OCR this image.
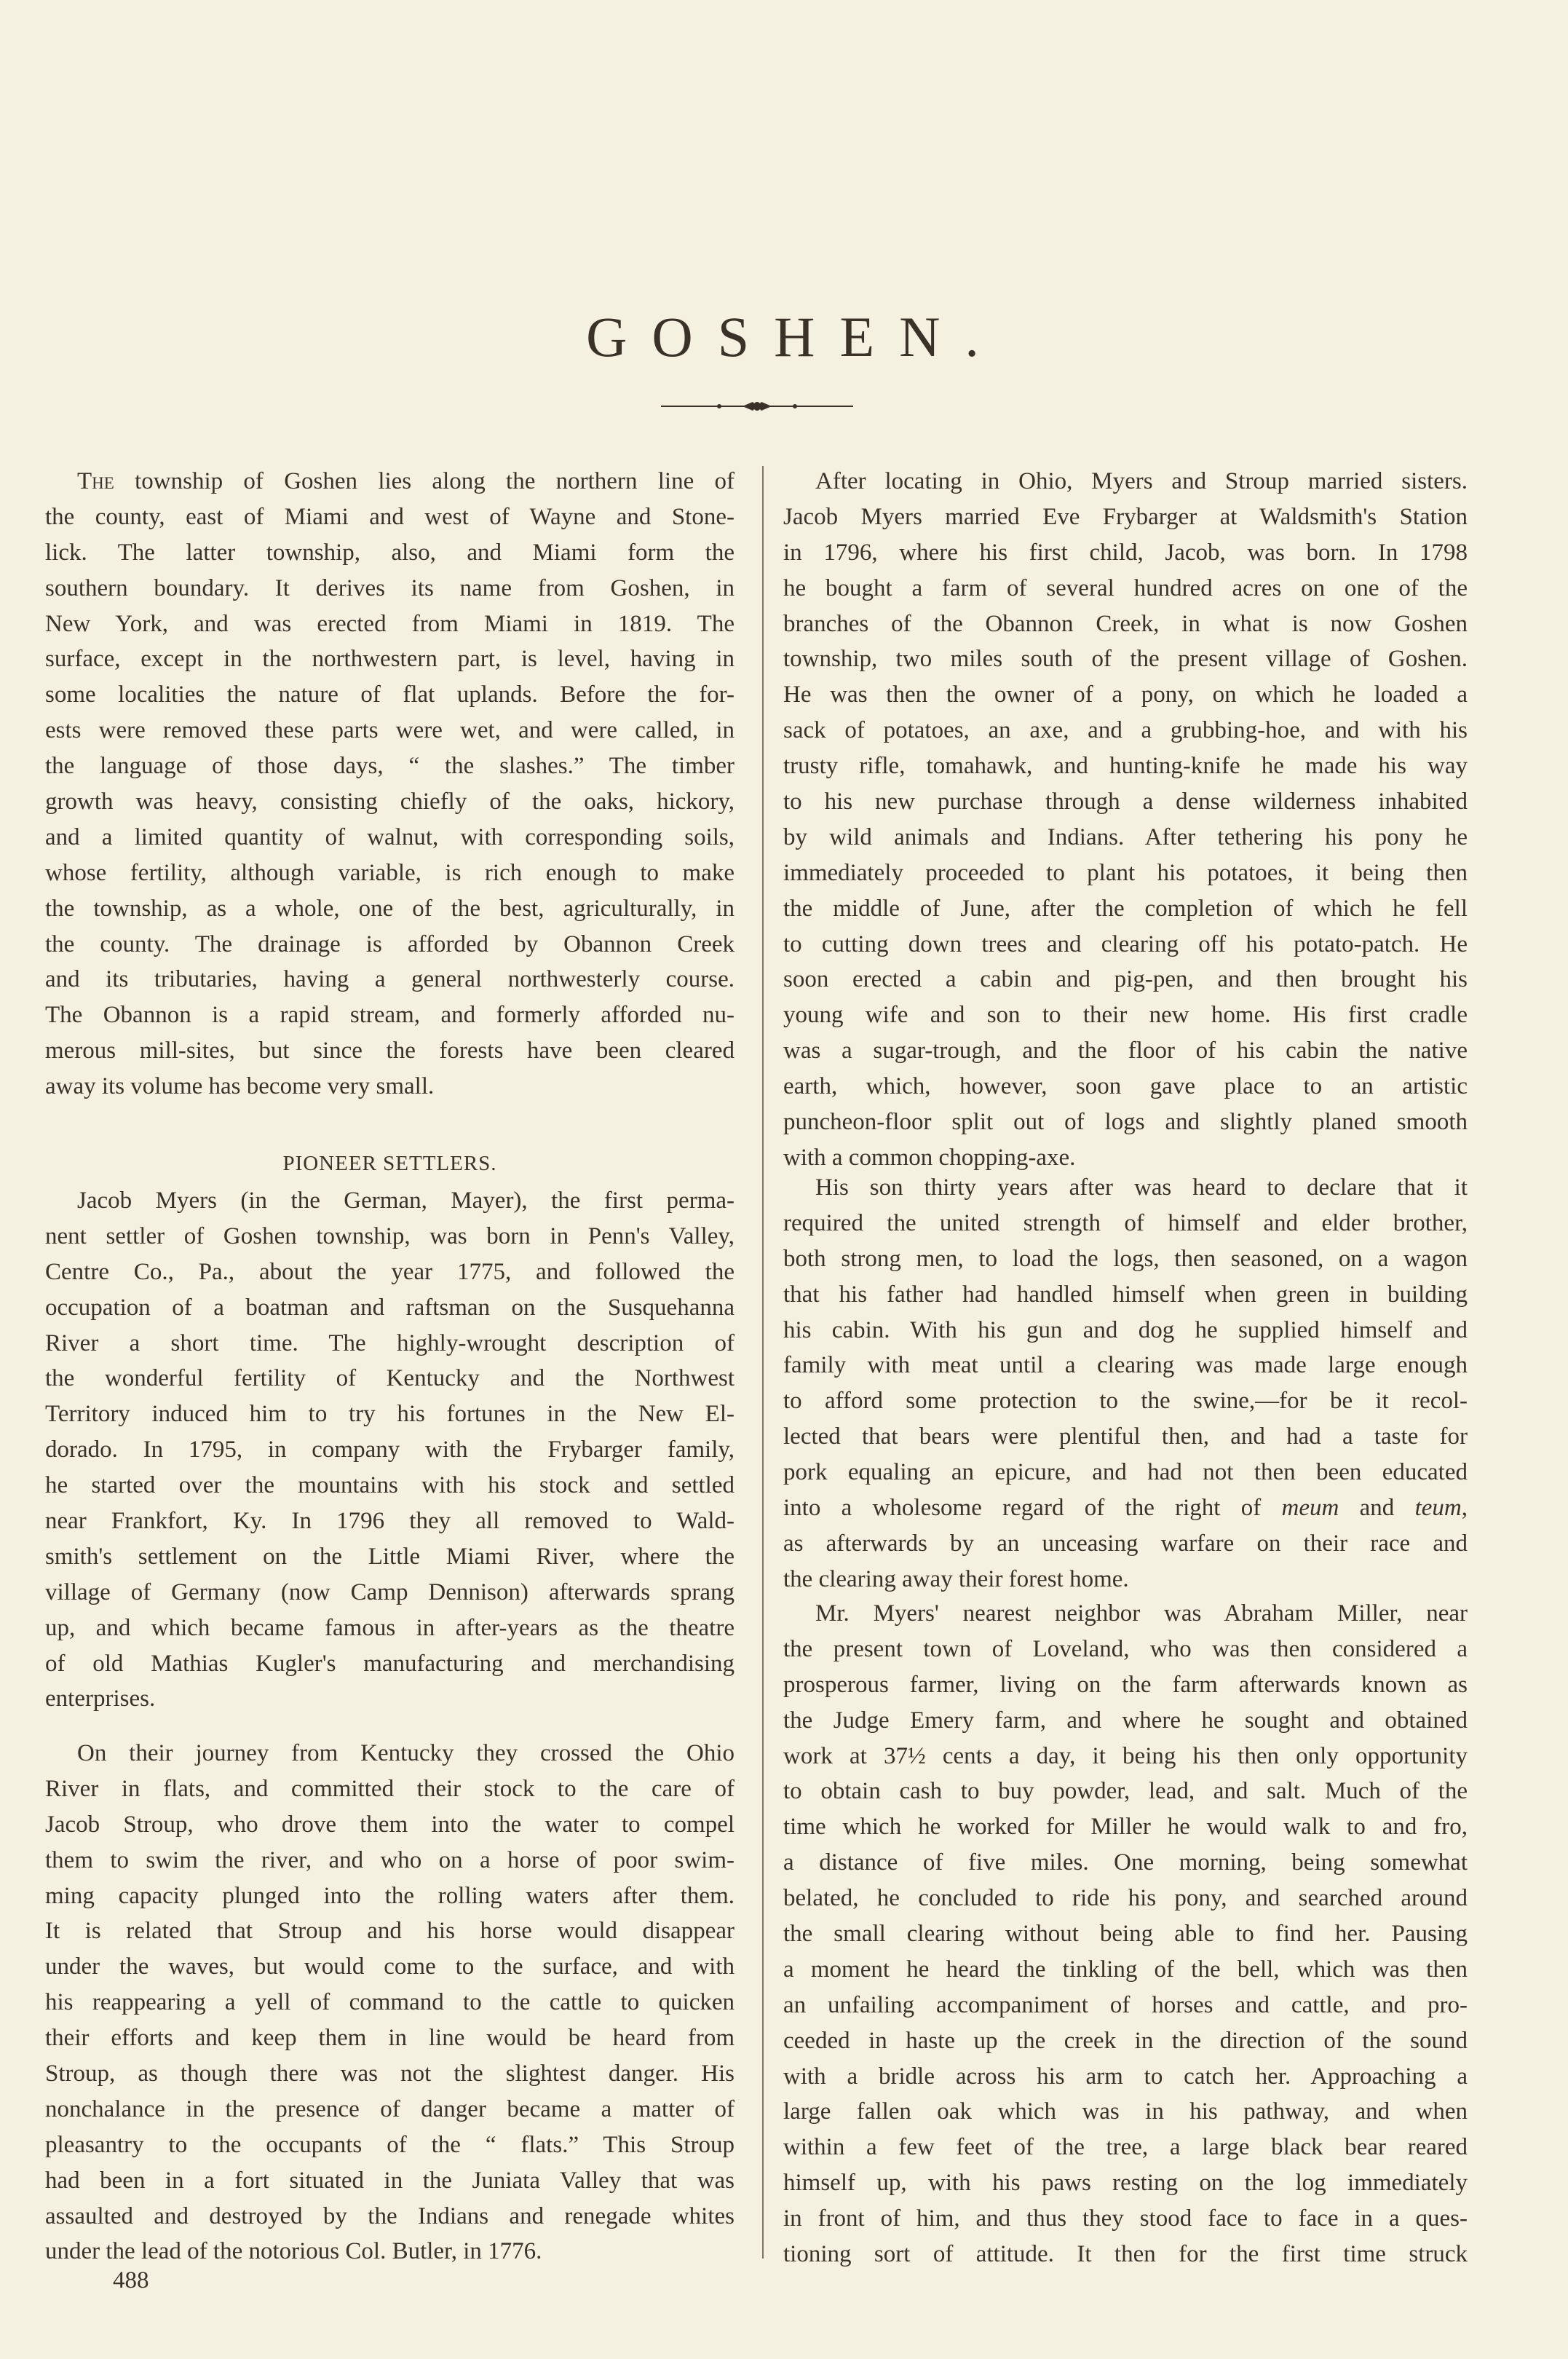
GOSHEN.
The township of Goshen lies along the northern line of
the county, east of Miami and west of Wayne and Stone-
lick. The latter township, also, and Miami form the
southern boundary. It derives its name from Goshen, in
New York, and was erected from Miami in 1819. The
surface, except in the northwestern part, is level, having in
some localities the nature of flat uplands. Before the for-
ests were removed these parts were wet, and were called, in
the language of those days, “ the slashes.” The timber
growth was heavy, consisting chiefly of the oaks, hickory,
and a limited quantity of walnut, with corresponding soils,
whose fertility, although variable, is rich enough to make
the township, as a whole, one of the best, agriculturally, in
the county. The drainage is afforded by Obannon Creek
and its tributaries, having a general northwesterly course.
The Obannon is a rapid stream, and formerly afforded nu-
merous mill-sites, but since the forests have been cleared
away its volume has become very small.
PIONEER SETTLERS.
Jacob Myers (in the German, Mayer), the first perma-
nent settler of Goshen township, was born in Penn's Valley,
Centre Co., Pa., about the year 1775, and followed the
occupation of a boatman and raftsman on the Susquehanna
River a short time. The highly-wrought description of
the wonderful fertility of Kentucky and the Northwest
Territory induced him to try his fortunes in the New El-
dorado. In 1795, in company with the Frybarger family,
he started over the mountains with his stock and settled
near Frankfort, Ky. In 1796 they all removed to Wald-
smith's settlement on the Little Miami River, where the
village of Germany (now Camp Dennison) afterwards sprang
up, and which became famous in after-years as the theatre
of old Mathias Kugler's manufacturing and merchandising
enterprises.
On their journey from Kentucky they crossed the Ohio
River in flats, and committed their stock to the care of
Jacob Stroup, who drove them into the water to compel
them to swim the river, and who on a horse of poor swim-
ming capacity plunged into the rolling waters after them.
It is related that Stroup and his horse would disappear
under the waves, but would come to the surface, and with
his reappearing a yell of command to the cattle to quicken
their efforts and keep them in line would be heard from
Stroup, as though there was not the slightest danger. His
nonchalance in the presence of danger became a matter of
pleasantry to the occupants of the “ flats.” This Stroup
had been in a fort situated in the Juniata Valley that was
assaulted and destroyed by the Indians and renegade whites
under the lead of the notorious Col. Butler, in 1776.
After locating in Ohio, Myers and Stroup married sisters.
Jacob Myers married Eve Frybarger at Waldsmith's Station
in 1796, where his first child, Jacob, was born. In 1798
he bought a farm of several hundred acres on one of the
branches of the Obannon Creek, in what is now Goshen
township, two miles south of the present village of Goshen.
He was then the owner of a pony, on which he loaded a
sack of potatoes, an axe, and a grubbing-hoe, and with his
trusty rifle, tomahawk, and hunting-knife he made his way
to his new purchase through a dense wilderness inhabited
by wild animals and Indians. After tethering his pony he
immediately proceeded to plant his potatoes, it being then
the middle of June, after the completion of which he fell
to cutting down trees and clearing off his potato-patch. He
soon erected a cabin and pig-pen, and then brought his
young wife and son to their new home. His first cradle
was a sugar-trough, and the floor of his cabin the native
earth, which, however, soon gave place to an artistic
puncheon-floor split out of logs and slightly planed smooth
with a common chopping-axe.
His son thirty years after was heard to declare that it
required the united strength of himself and elder brother,
both strong men, to load the logs, then seasoned, on a wagon
that his father had handled himself when green in building
his cabin. With his gun and dog he supplied himself and
family with meat until a clearing was made large enough
to afford some protection to the swine,—for be it recol-
lected that bears were plentiful then, and had a taste for
pork equaling an epicure, and had not then been educated
into a wholesome regard of the right of meum and teum,
as afterwards by an unceasing warfare on their race and
the clearing away their forest home.
Mr. Myers' nearest neighbor was Abraham Miller, near
the present town of Loveland, who was then considered a
prosperous farmer, living on the farm afterwards known as
the Judge Emery farm, and where he sought and obtained
work at 37½ cents a day, it being his then only opportunity
to obtain cash to buy powder, lead, and salt. Much of the
time which he worked for Miller he would walk to and fro,
a distance of five miles. One morning, being somewhat
belated, he concluded to ride his pony, and searched around
the small clearing without being able to find her. Pausing
a moment he heard the tinkling of the bell, which was then
an unfailing accompaniment of horses and cattle, and pro-
ceeded in haste up the creek in the direction of the sound
with a bridle across his arm to catch her. Approaching a
large fallen oak which was in his pathway, and when
within a few feet of the tree, a large black bear reared
himself up, with his paws resting on the log immediately
in front of him, and thus they stood face to face in a ques-
tioning sort of attitude. It then for the first time struck
488
